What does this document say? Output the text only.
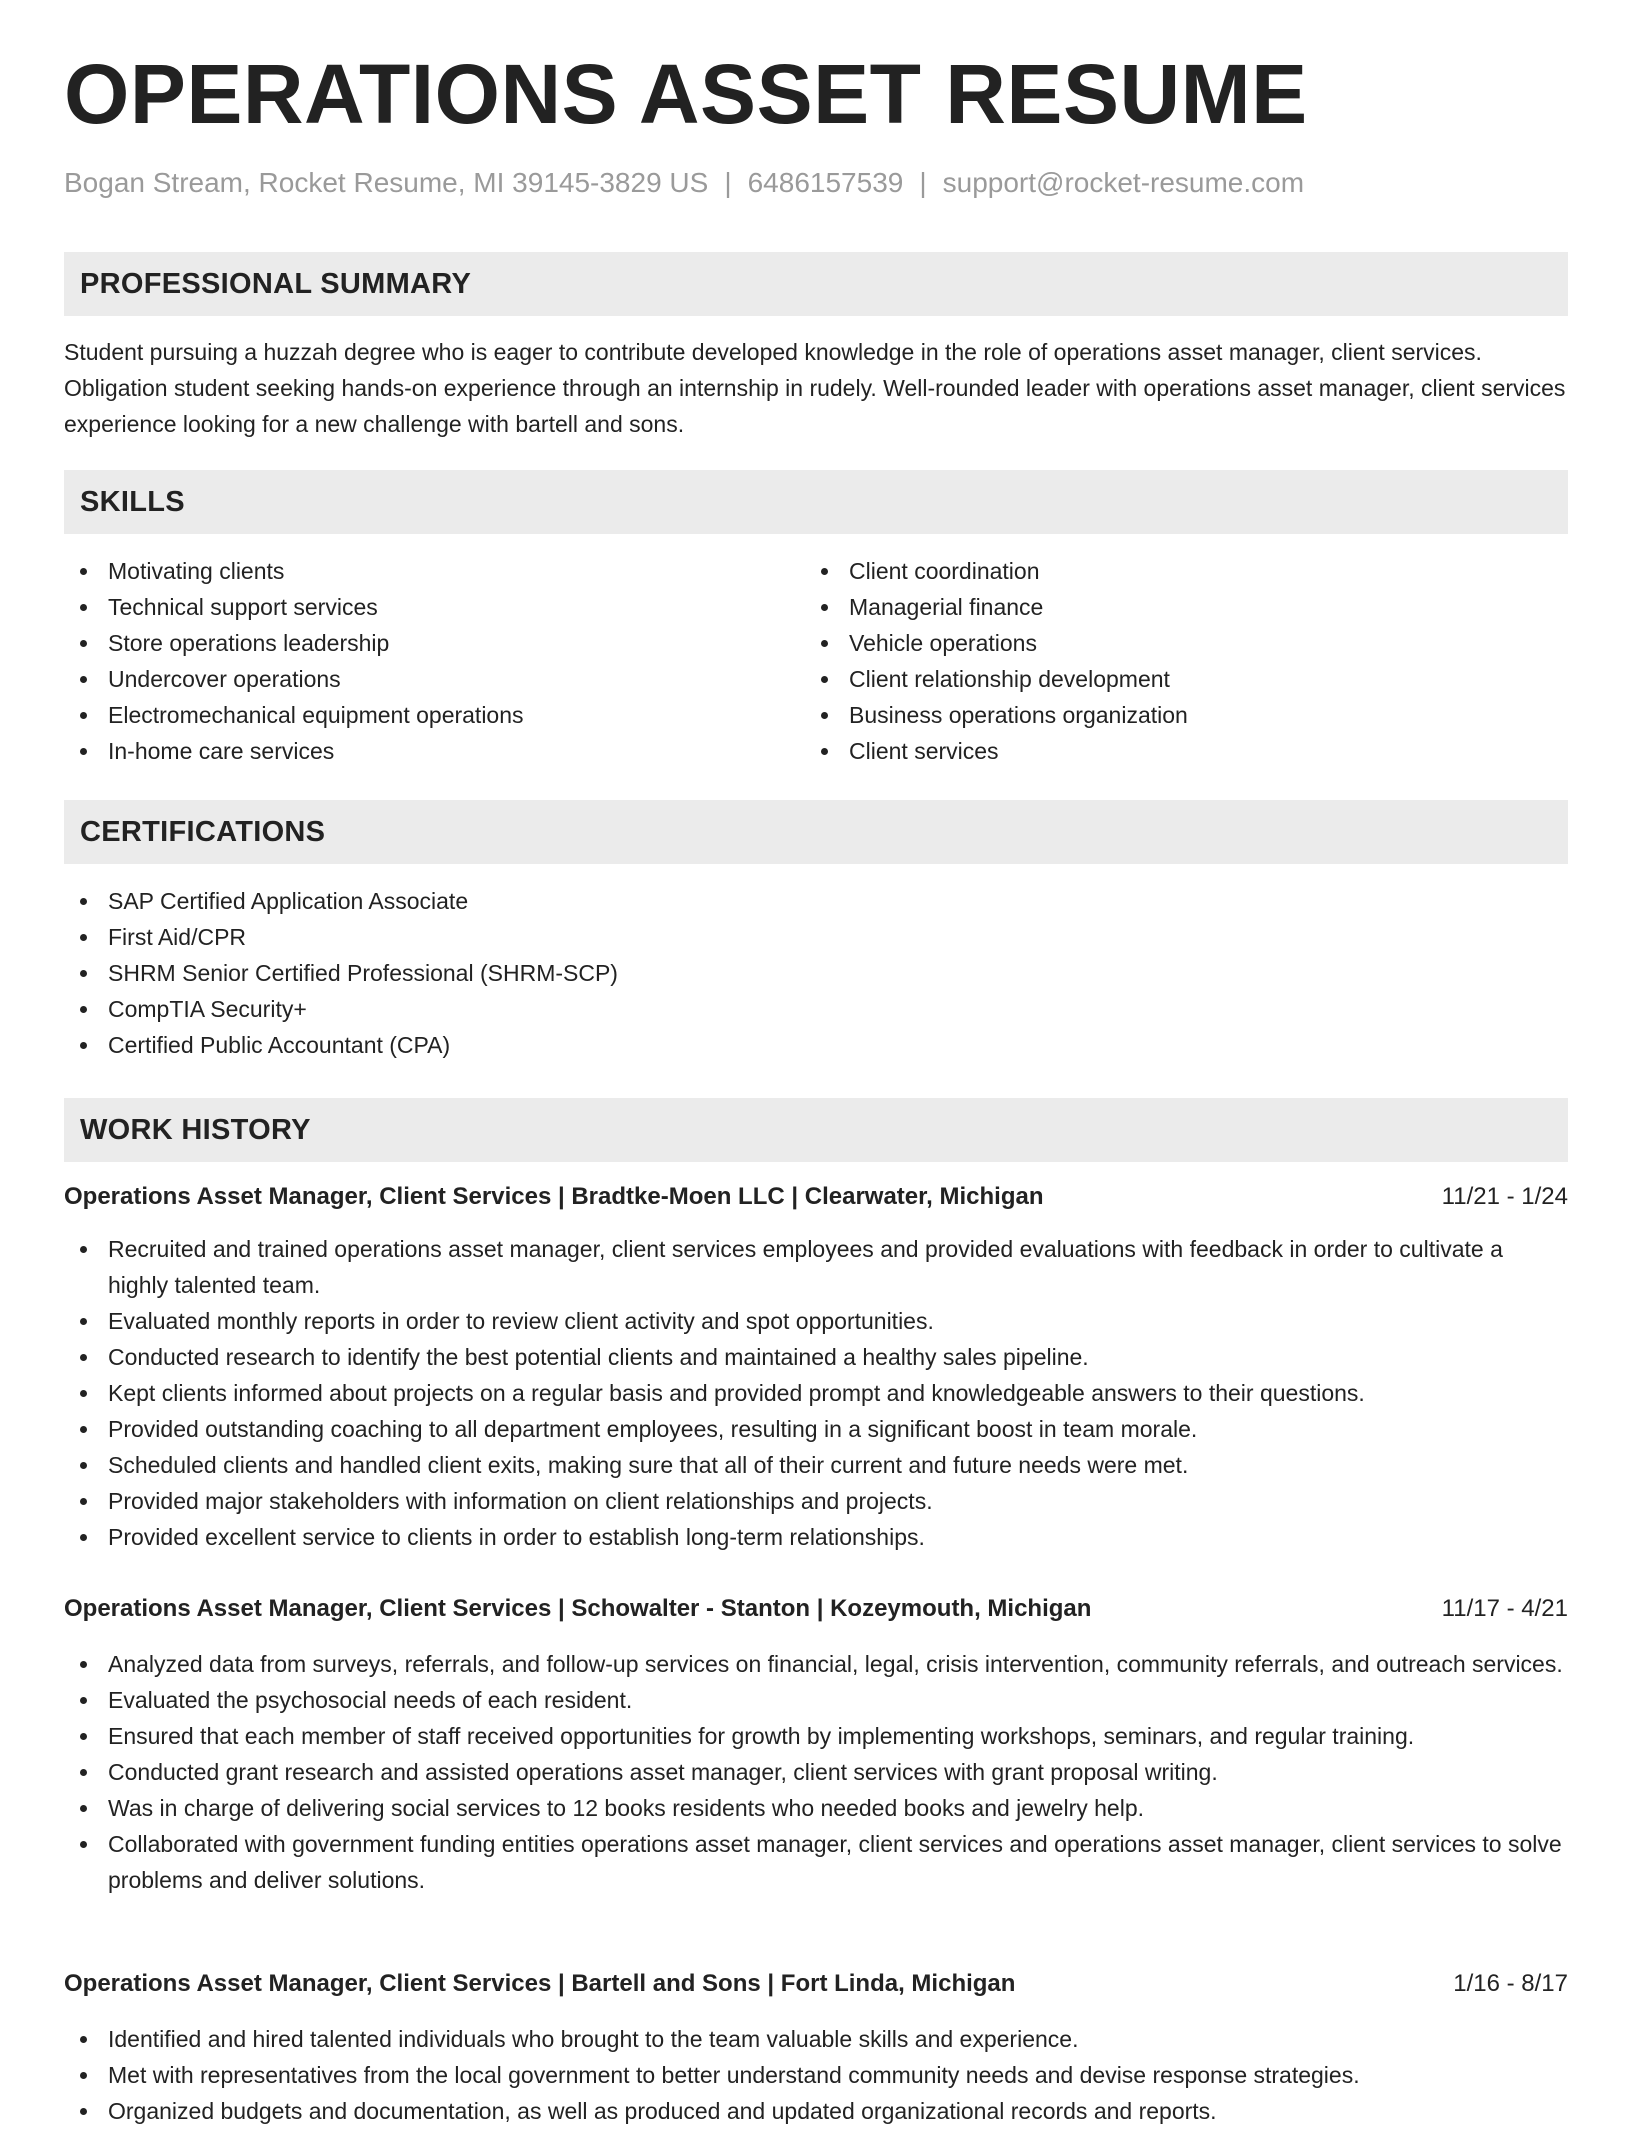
OPERATIONS ASSET RESUME
Bogan Stream, Rocket Resume, MI 39145-3829 US | 6486157539 | support@rocket-resume.com
PROFESSIONAL SUMMARY

Student pursuing a huzzah degree who is eager to contribute developed knowledge in the role of operations asset manager, client services. Obligation student seeking hands-on experience through an internship in rudely. Well-rounded leader with operations asset manager, client services experience looking for a new challenge with bartell and sons.

SKILLS
Motivating clients
Technical support services
Store operations leadership
Undercover operations
Electromechanical equipment operations
In-home care services
Client coordination
Managerial finance
Vehicle operations
Client relationship development
Business operations organization
Client services
CERTIFICATIONS
SAP Certified Application Associate
First Aid/CPR
SHRM Senior Certified Professional (SHRM-SCP)
CompTIA Security+
Certified Public Accountant (CPA)
WORK HISTORY
Operations Asset Manager, Client Services | Bradtke-Moen LLC | Clearwater, Michigan	11/21 - 1/24
Recruited and trained operations asset manager, client services employees and provided evaluations with feedback in order to cultivate a highly talented team.
Evaluated monthly reports in order to review client activity and spot opportunities.
Conducted research to identify the best potential clients and maintained a healthy sales pipeline.
Kept clients informed about projects on a regular basis and provided prompt and knowledgeable answers to their questions.
Provided outstanding coaching to all department employees, resulting in a significant boost in team morale.
Scheduled clients and handled client exits, making sure that all of their current and future needs were met.
Provided major stakeholders with information on client relationships and projects.
Provided excellent service to clients in order to establish long-term relationships.
Operations Asset Manager, Client Services | Schowalter - Stanton | Kozeymouth, Michigan	11/17 - 4/21
Analyzed data from surveys, referrals, and follow-up services on financial, legal, crisis intervention, community referrals, and outreach services.
Evaluated the psychosocial needs of each resident.
Ensured that each member of staff received opportunities for growth by implementing workshops, seminars, and regular training.
Conducted grant research and assisted operations asset manager, client services with grant proposal writing.
Was in charge of delivering social services to 12 books residents who needed books and jewelry help.
Collaborated with government funding entities operations asset manager, client services and operations asset manager, client services to solve problems and deliver solutions.
Operations Asset Manager, Client Services | Bartell and Sons | Fort Linda, Michigan	1/16 - 8/17
Identified and hired talented individuals who brought to the team valuable skills and experience.
Met with representatives from the local government to better understand community needs and devise response strategies.
Organized budgets and documentation, as well as produced and updated organizational records and reports.
